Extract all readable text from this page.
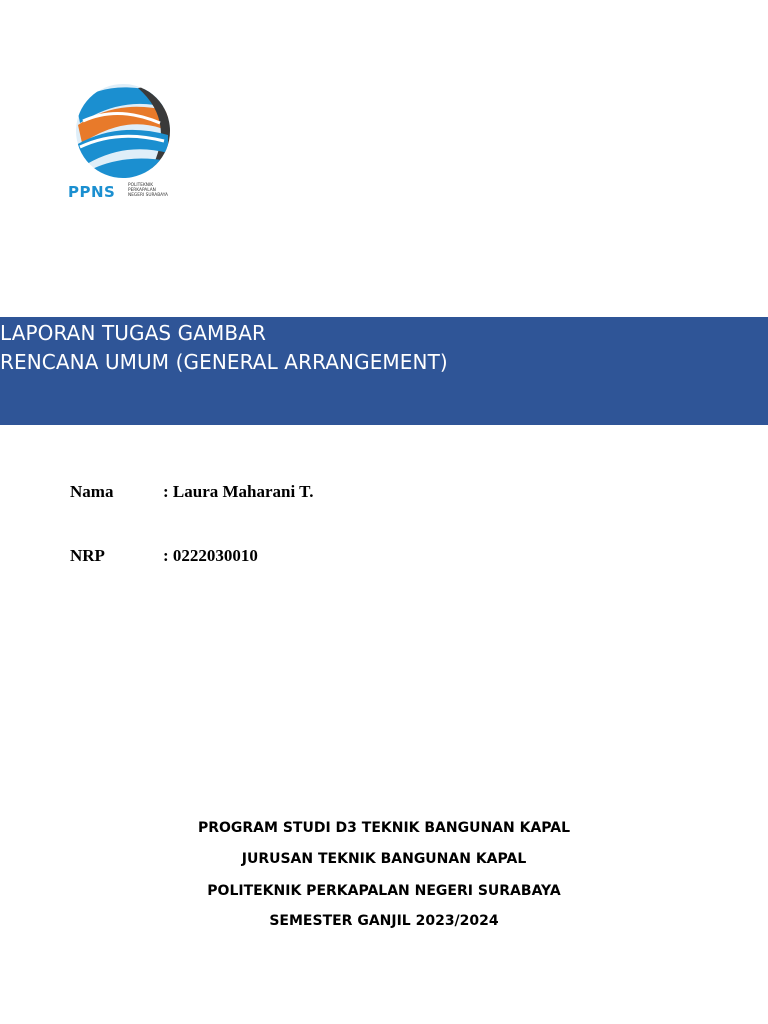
PPNS	POLITEKNIK
PERKAPALAN
NEGERI SURABAYA
LAPORAN TUGAS GAMBAR
RENCANA UMUM (GENERAL ARRANGEMENT)
Nama	: Laura Maharani T.
NRP	: 0222030010
PROGRAM STUDI D3 TEKNIK BANGUNAN KAPAL
JURUSAN TEKNIK BANGUNAN KAPAL
POLITEKNIK PERKAPALAN NEGERI SURABAYA
SEMESTER GANJIL 2023/2024
